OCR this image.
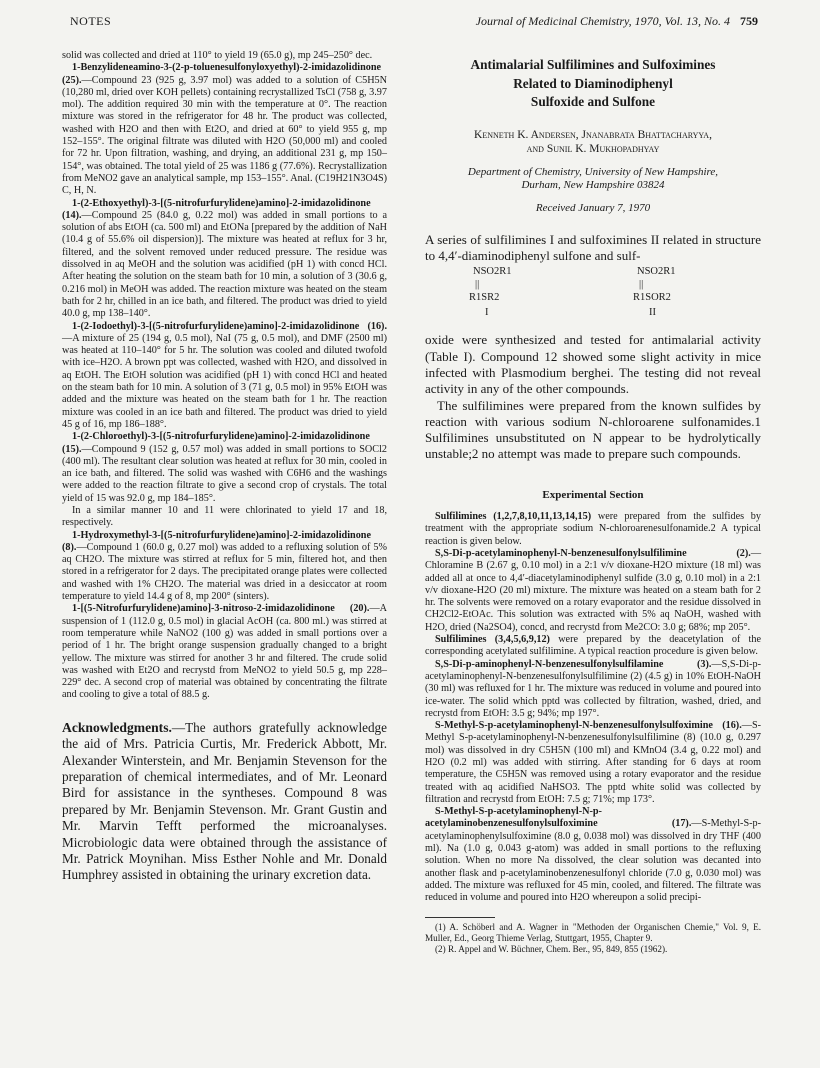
NOTES	Journal of Medicinal Chemistry, 1970, Vol. 13, No. 4 759

solid was collected and dried at 110° to yield 19 (65.0 g), mp 245–250° dec.

1-Benzylideneamino-3-(2-p-toluenesulfonyloxyethyl)-2-imidazolidinone (25).—Compound 23 (925 g, 3.97 mol) was added to a solution of C5H5N (10,280 ml, dried over KOH pellets) containing recrystallized TsCl (758 g, 3.97 mol). The addition required 30 min with the temperature at 0°. The reaction mixture was stored in the refrigerator for 48 hr. The product was collected, washed with H2O and then with Et2O, and dried at 60° to yield 955 g, mp 152–155°. The original filtrate was diluted with H2O (50,000 ml) and cooled for 72 hr. Upon filtration, washing, and drying, an additional 231 g, mp 150–154°, was obtained. The total yield of 25 was 1186 g (77.6%). Recrystallization from MeNO2 gave an analytical sample, mp 153–155°. Anal. (C19H21N3O4S) C, H, N.

1-(2-Ethoxyethyl)-3-[(5-nitrofurfurylidene)amino]-2-imidazolidinone (14).—Compound 25 (84.0 g, 0.22 mol) was added in small portions to a solution of abs EtOH (ca. 500 ml) and EtONa [prepared by the addition of NaH (10.4 g of 55.6% oil dispersion)]. The mixture was heated at reflux for 3 hr, filtered, and the solvent removed under reduced pressure. The residue was dissolved in aq MeOH and the solution was acidified (pH 1) with concd HCl. After heating the solution on the steam bath for 10 min, a solution of 3 (30.6 g, 0.216 mol) in MeOH was added. The reaction mixture was heated on the steam bath for 2 hr, chilled in an ice bath, and filtered. The product was dried to yield 40.0 g, mp 138–140°.

1-(2-Iodoethyl)-3-[(5-nitrofurfurylidene)amino]-2-imidazolidinone (16).—A mixture of 25 (194 g, 0.5 mol), NaI (75 g, 0.5 mol), and DMF (2500 ml) was heated at 110–140° for 5 hr. The solution was cooled and diluted twofold with ice–H2O. A brown ppt was collected, washed with H2O, and dissolved in aq EtOH. The EtOH solution was acidified (pH 1) with concd HCl and heated on the steam bath for 10 min. A solution of 3 (71 g, 0.5 mol) in 95% EtOH was added and the mixture was heated on the steam bath for 1 hr. The reaction mixture was cooled in an ice bath and filtered. The product was dried to yield 45 g of 16, mp 186–188°.

1-(2-Chloroethyl)-3-[(5-nitrofurfurylidene)amino]-2-imidazolidinone (15).—Compound 9 (152 g, 0.57 mol) was added in small portions to SOCl2 (400 ml). The resultant clear solution was heated at reflux for 30 min, cooled in an ice bath, and filtered. The solid was washed with C6H6 and the washings were added to the reaction filtrate to give a second crop of crystals. The total yield of 15 was 92.0 g, mp 184–185°.

In a similar manner 10 and 11 were chlorinated to yield 17 and 18, respectively.

1-Hydroxymethyl-3-[(5-nitrofurfurylidene)amino]-2-imidazolidinone (8).—Compound 1 (60.0 g, 0.27 mol) was added to a refluxing solution of 5% aq CH2O. The mixture was stirred at reflux for 5 min, filtered hot, and then stored in a refrigerator for 2 days. The precipitated orange plates were collected and washed with 1% CH2O. The material was dried in a desiccator at room temperature to yield 14.4 g of 8, mp 200° (sinters).

1-[(5-Nitrofurfurylidene)amino]-3-nitroso-2-imidazolidinone (20).—A suspension of 1 (112.0 g, 0.5 mol) in glacial AcOH (ca. 800 ml.) was stirred at room temperature while NaNO2 (100 g) was added in small portions over a period of 1 hr. The bright orange suspension gradually changed to a bright yellow. The mixture was stirred for another 3 hr and filtered. The crude solid was washed with Et2O and recrystd from MeNO2 to yield 50.5 g, mp 228–229° dec. A second crop of material was obtained by concentrating the filtrate and cooling to give a total of 88.5 g.

Acknowledgments.—The authors gratefully acknowledge the aid of Mrs. Patricia Curtis, Mr. Frederick Abbott, Mr. Alexander Winterstein, and Mr. Benjamin Stevenson for the preparation of chemical intermediates, and of Mr. Leonard Bird for assistance in the syntheses. Compound 8 was prepared by Mr. Benjamin Stevenson. Mr. Grant Gustin and Mr. Marvin Tefft performed the microanalyses. Microbiologic data were obtained through the assistance of Mr. Patrick Moynihan. Miss Esther Nohle and Mr. Donald Humphrey assisted in obtaining the urinary excretion data.

Antimalarial Sulfilimines and Sulfoximines
Related to Diaminodiphenyl
Sulfoxide and Sulfone
Kenneth K. Andersen, Jnanabrata Bhattacharyya,
and Sunil K. Mukhopadhyay
Department of Chemistry, University of New Hampshire,
Durham, New Hampshire 03824
Received January 7, 1970
A series of sulfilimines I and sulfoximines II related in structure to 4,4′-diaminodiphenyl sulfone and sulf-
NSO2R1
||
R1SR2
I
NSO2R1
||
R1SOR2
II

oxide were synthesized and tested for antimalarial activity (Table I). Compound 12 showed some slight activity in mice infected with Plasmodium berghei. The testing did not reveal activity in any of the other compounds.

The sulfilimines were prepared from the known sulfides by reaction with various sodium N-chloroarene sulfonamides.1 Sulfilimines unsubstituted on N appear to be hydrolytically unstable;2 no attempt was made to prepare such compounds.

Experimental Section

Sulfilimines (1,2,7,8,10,11,13,14,15) were prepared from the sulfides by treatment with the appropriate sodium N-chloroarenesulfonamide.2 A typical reaction is given below.

S,S-Di-p-acetylaminophenyl-N-benzenesulfonylsulfilimine (2).—Chloramine B (2.67 g, 0.10 mol) in a 2:1 v/v dioxane-H2O mixture (18 ml) was added all at once to 4,4′-diacetylaminodiphenyl sulfide (3.0 g, 0.10 mol) in a 2:1 v/v dioxane-H2O (20 ml) mixture. The mixture was heated on a steam bath for 2 hr. The solvents were removed on a rotary evaporator and the residue dissolved in CH2Cl2-EtOAc. This solution was extracted with 5% aq NaOH, washed with H2O, dried (Na2SO4), concd, and recrystd from Me2CO: 3.0 g; 68%; mp 205°.

Sulfilimines (3,4,5,6,9,12) were prepared by the deacetylation of the corresponding acetylated sulfilimine. A typical reaction procedure is given below.

S,S-Di-p-aminophenyl-N-benzenesulfonylsulfilamine (3).—S,S-Di-p-acetylaminophenyl-N-benzenesulfonylsulfilimine (2) (4.5 g) in 10% EtOH-NaOH (30 ml) was refluxed for 1 hr. The mixture was reduced in volume and poured into ice-water. The solid which pptd was collected by filtration, washed, dried, and recrystd from EtOH: 3.5 g; 94%; mp 197°.

S-Methyl-S-p-acetylaminophenyl-N-benzenesulfonylsulfoximine (16).—S-Methyl S-p-acetylaminophenyl-N-benzenesulfonylsulfilimine (8) (10.0 g, 0.297 mol) was dissolved in dry C5H5N (100 ml) and KMnO4 (3.4 g, 0.22 mol) and H2O (0.2 ml) was added with stirring. After standing for 6 days at room temperature, the C5H5N was removed using a rotary evaporator and the residue treated with aq acidified NaHSO3. The pptd white solid was collected by filtration and recrystd from EtOH: 7.5 g; 71%; mp 173°.

S-Methyl-S-p-acetylaminophenyl-N-p-acetylaminobenzenesulfonylsulfoximine (17).—S-Methyl-S-p-acetylaminophenylsulfoximine (8.0 g, 0.038 mol) was dissolved in dry THF (400 ml). Na (1.0 g, 0.043 g-atom) was added in small portions to the refluxing solution. When no more Na dissolved, the clear solution was decanted into another flask and p-acetylaminobenzenesulfonyl chloride (7.0 g, 0.030 mol) was added. The mixture was refluxed for 45 min, cooled, and filtered. The filtrate was reduced in volume and poured into H2O whereupon a solid precipi-

(1) A. Schöberl and A. Wagner in "Methoden der Organischen Chemie," Vol. 9, E. Muller, Ed., Georg Thieme Verlag, Stuttgart, 1955, Chapter 9.
(2) R. Appel and W. Büchner, Chem. Ber., 95, 849, 855 (1962).
